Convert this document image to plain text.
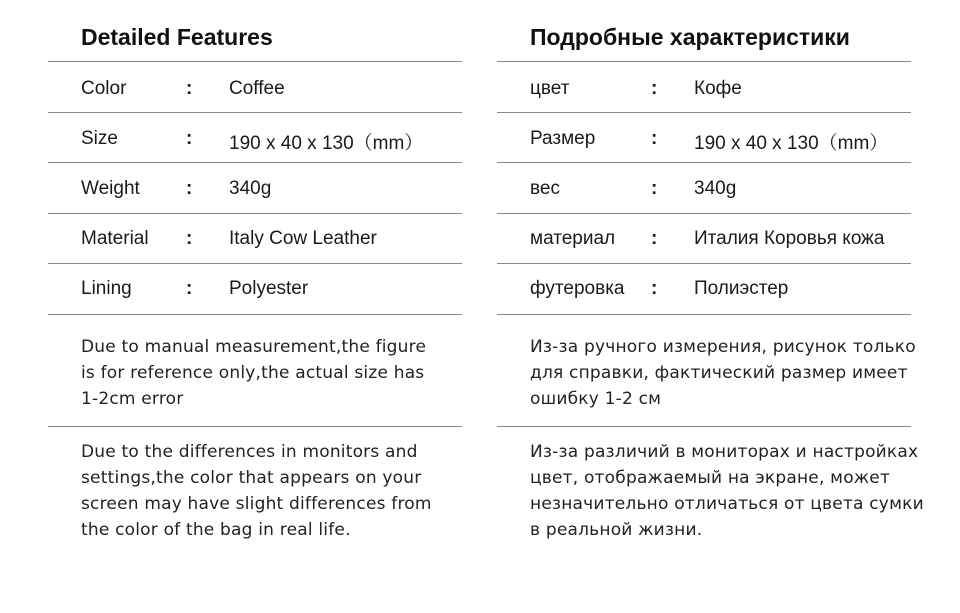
Detailed Features
Color	: Coffee
Size	: 190 x 40 x 130（mm）
Weight : 340g
Material : Italy Cow Leather
Lining	: Polyester

Due to manual measurement,the figure

is for reference only,the actual size has

1-2cm error

Due to the differences in monitors and

settings,the color that appears on your

screen may have slight differences from

the color of the bag in real life.

Подробные характеристики
цвет	: Кофе
Размер	: 190 x 40 x 130（mm）
вес	: 340g
материал : Италия Коровья кожа
футеровка : Полиэстер

Из-за ручного измерения, рисунок только

для справки, фактический размер имеет

ошибку 1-2 см

Из-за различий в мониторах и настройках

цвет, отображаемый на экране, может

незначительно отличаться от цвета сумки

в реальной жизни.
